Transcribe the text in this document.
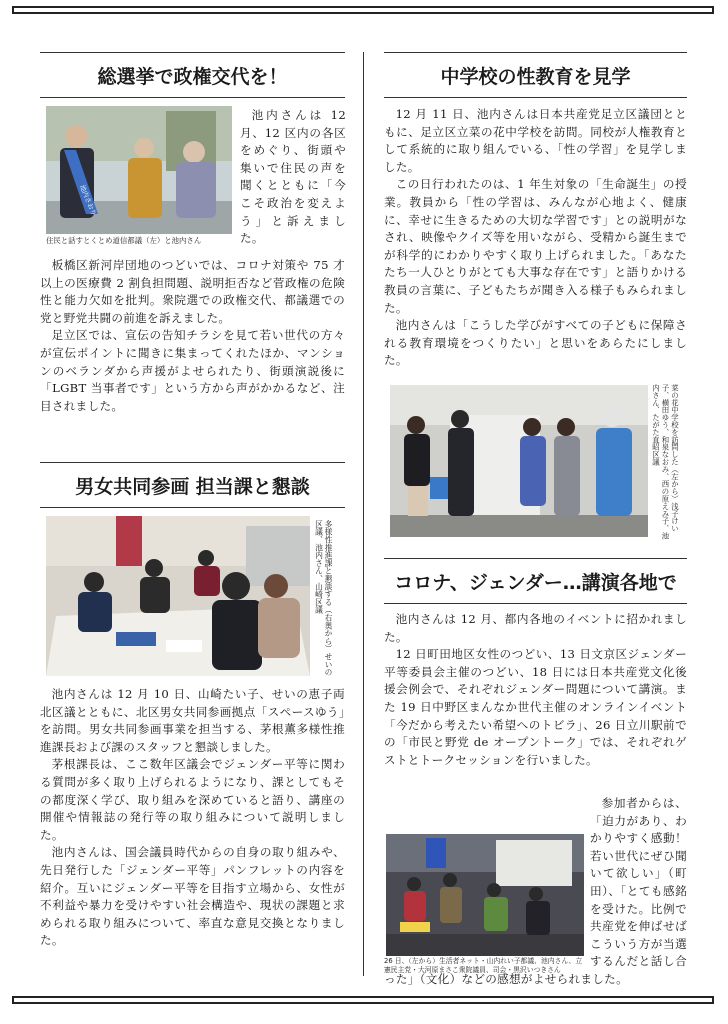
総選挙で政権交代を！
池内さおり
住民と話すとくとめ道信都議（左）と池内さん

池内さんは 12 月、12 区内の各区をめぐり、街頭や集いで住民の声を聞くとともに「今こそ政治を変えよう」と訴えました。

板橋区新河岸団地のつどいでは、コロナ対策や 75 才以上の医療費 2 割負担問題、説明拒否など菅政権の危険性と能力欠如を批判。衆院選での政権交代、都議選での党と野党共闘の前進を訴えました。

足立区では、宣伝の告知チラシを見て若い世代の方々が宣伝ポイントに聞きに集まってくれたほか、マンションのベランダから声援がよせられたり、街頭演説後に「LGBT 当事者です」という方から声がかかるなど、注目されました。

男女共同参画 担当課と懇談
多様性推進課と懇談する（右奥から）せいの区議、池内さん、山崎区議

池内さんは 12 月 10 日、山崎たい子、せいの恵子両北区議とともに、北区男女共同参画拠点「スペースゆう」を訪問。男女共同参画事業を担当する、茅根薫多様性推進課長および課のスタッフと懇談しました。

茅根課長は、ここ数年区議会でジェンダー平等に関わる質問が多く取り上げられるようになり、課としてもその都度深く学び、取り組みを深めていると語り、講座の開催や情報誌の発行等の取り組みについて説明しました。

池内さんは、国会議員時代からの自身の取り組みや、先日発行した「ジェンダー平等」パンフレットの内容を紹介。互いにジェンダー平等を目指す立場から、女性が不利益や暴力を受けやすい社会構造や、現状の課題と求められる取り組みについて、率直な意見交換となりました。

中学校の性教育を見学

12 月 11 日、池内さんは日本共産党足立区議団とともに、足立区立菜の花中学校を訪問。同校が人権教育として系統的に取り組んでいる、「性の学習」を見学しました。

この日行われたのは、1 年生対象の「生命誕生」の授業。教員から「性の学習は、みんなが心地よく、健康に、幸せに生きるための大切な学習です」との説明がなされ、映像やクイズ等を用いながら、受精から誕生までが科学的にわかりやすく取り上げられました。「あなたたち一人ひとりがとても大事な存在です」と語りかける教員の言葉に、子どもたちが聞き入る様子もみられました。

池内さんは「こうした学びがすべての子どもに保障される教育環境をつくりたい」と思いをあらたにしました。

菜の花中学校を訪問した（左から）浅子けい子、横田ゆう、和泉なおみ、西の原えみ子、池内さん、たがた直昭区議
コロナ、ジェンダー…講演各地で

池内さんは 12 月、都内各地のイベントに招かれました。

12 日町田地区女性のつどい、13 日文京区ジェンダー平等委員会主催のつどい、18 日には日本共産党文化後援会例会で、それぞれジェンダー問題について講演。また 19 日中野区まんなか世代主催のオンラインイベント「今だから考えたい希望へのトビラ」、26 日立川駅前での「市民と野党 de オープントーク」では、それぞれゲストとトークセッションを行いました。

参加者からは、「迫力があり、わかりやすく感動！若い世代にぜひ聞いて欲しい」（町田）、「とても感銘を受けた。比例で共産党を伸ばせばこういう方が当選するんだと話し合った」（文化）などの感想がよせられました。

26 日、（左から）生活者ネット・山内れい子都議、池内さん、立憲民主党・大河原まさこ衆院議員、司会・黒沢いつきさん
